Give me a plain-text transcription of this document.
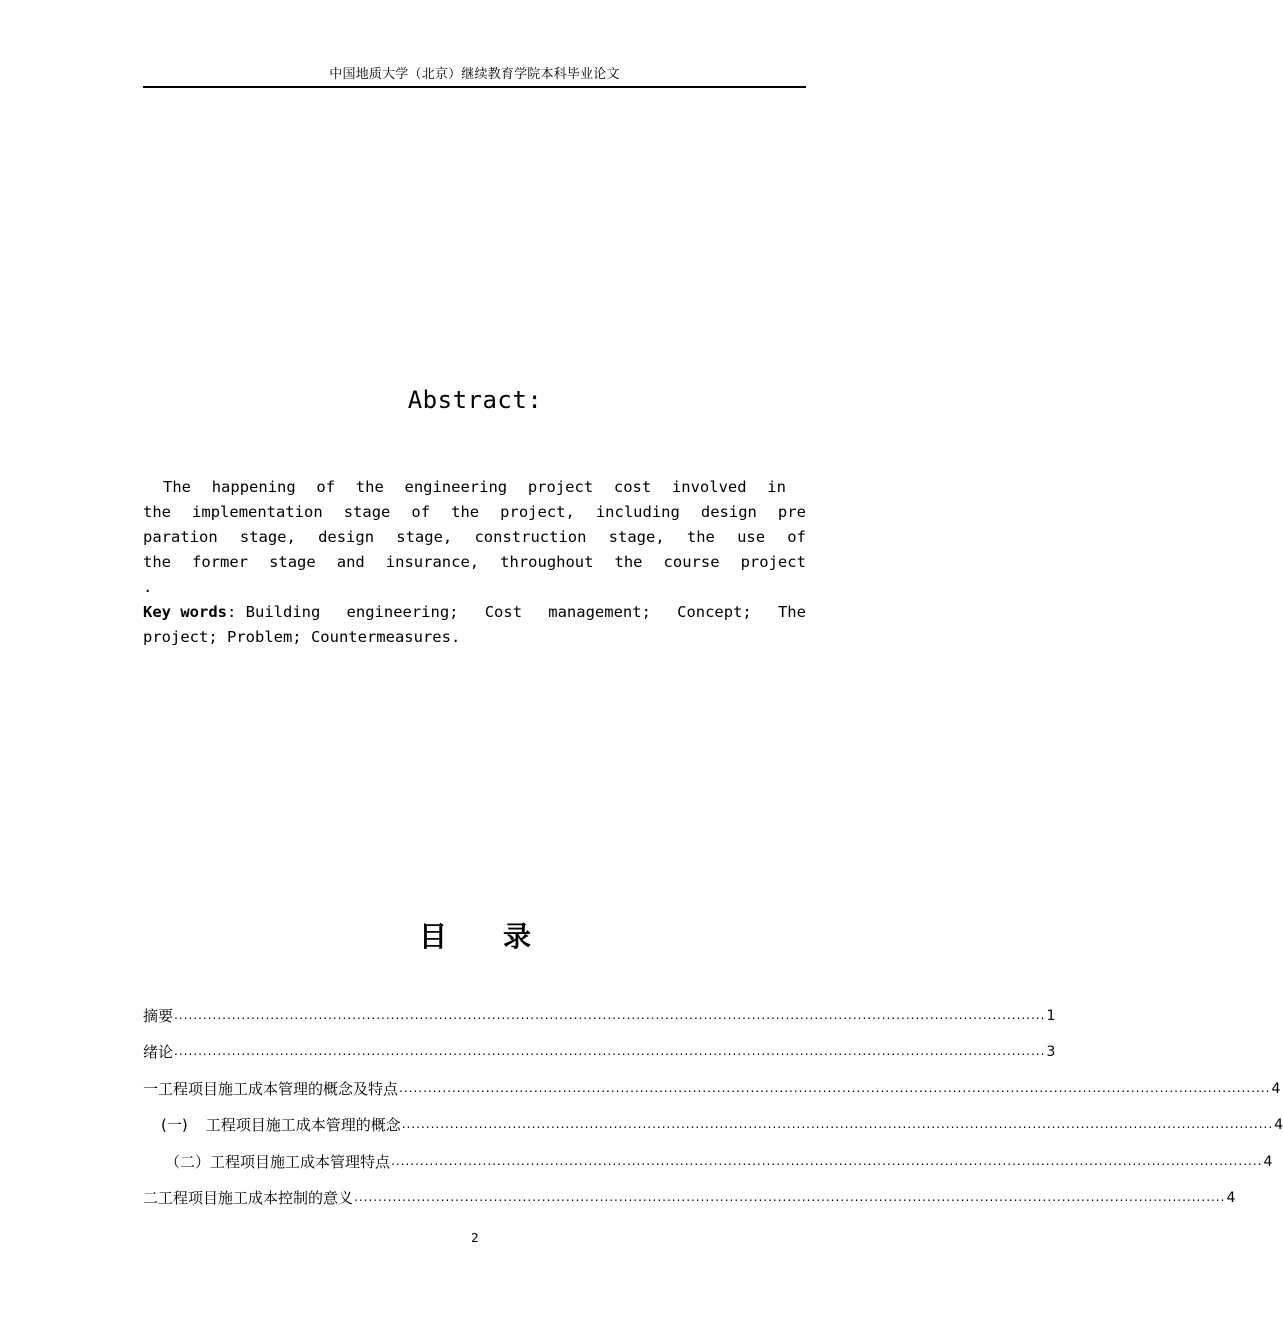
中国地质大学（北京）继续教育学院本科毕业论文
Abstract:
The happening of the engineering project cost involved in
the implementation stage of the project, including design pre
paration stage, design stage, construction stage, the use of
the former stage and insurance, throughout the course project
.
Key words: Building engineering; Cost management; Concept; The
project; Problem; Countermeasures.
目 录
摘要 ..................................................................................................................................................................................... 1
绪论 ..................................................................................................................................................................................... 3
一 工程项目施工成本管理的概念及特点 ..................................................................................................................................................................................... 4
(一) 工程项目施工成本管理的概念 ..................................................................................................................................................................................... 4
（二） 工程项目施工成本管理特点 ..................................................................................................................................................................................... 4
二 工程项目施工成本控制的意义 ..................................................................................................................................................................................... 4
2
